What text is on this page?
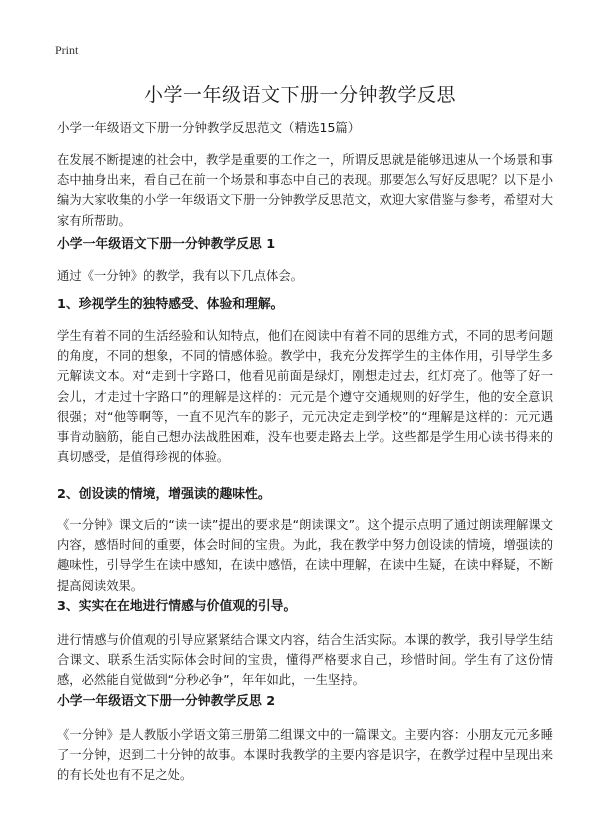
Print
小学一年级语文下册一分钟教学反思

小学一年级语文下册一分钟教学反思范文（精选15篇）

在发展不断提速的社会中，教学是重要的工作之一，所谓反思就是能够迅速从一个场景和事态中抽身出来，看自己在前一个场景和事态中自己的表现。那要怎么写好反思呢？以下是小编为大家收集的小学一年级语文下册一分钟教学反思范文，欢迎大家借鉴与参考，希望对大家有所帮助。

小学一年级语文下册一分钟教学反思 1

通过《一分钟》的教学，我有以下几点体会。

1、珍视学生的独特感受、体验和理解。

学生有着不同的生活经验和认知特点，他们在阅读中有着不同的思维方式，不同的思考问题的角度，不同的想象，不同的情感体验。教学中，我充分发挥学生的主体作用，引导学生多元解读文本。对“走到十字路口，他看见前面是绿灯，刚想走过去，红灯亮了。他等了好一会儿，才走过十字路口”的理解是这样的：元元是个遵守交通规则的好学生，他的安全意识很强；对“他等啊等，一直不见汽车的影子，元元决定走到学校”的“理解是这样的：元元遇事肯动脑筋，能自己想办法战胜困难，没车也要走路去上学。这些都是学生用心读书得来的真切感受，是值得珍视的体验。

2、创设读的情境，增强读的趣味性。

《一分钟》课文后的“读一读”提出的要求是“朗读课文”。这个提示点明了通过朗读理解课文内容，感悟时间的重要，体会时间的宝贵。为此，我在教学中努力创设读的情境，增强读的趣味性，引导学生在读中感知，在读中感悟，在读中理解，在读中生疑，在读中释疑，不断提高阅读效果。

3、实实在在地进行情感与价值观的引导。

进行情感与价值观的引导应紧紧结合课文内容，结合生活实际。本课的教学，我引导学生结合课文、联系生活实际体会时间的宝贵，懂得严格要求自己，珍惜时间。学生有了这份情感，必然能自觉做到“分秒必争”，年年如此，一生坚持。

小学一年级语文下册一分钟教学反思 2

《一分钟》是人教版小学语文第三册第二组课文中的一篇课文。主要内容：小朋友元元多睡了一分钟，迟到二十分钟的故事。本课时我教学的主要内容是识字，在教学过程中呈现出来的有长处也有不足之处。
